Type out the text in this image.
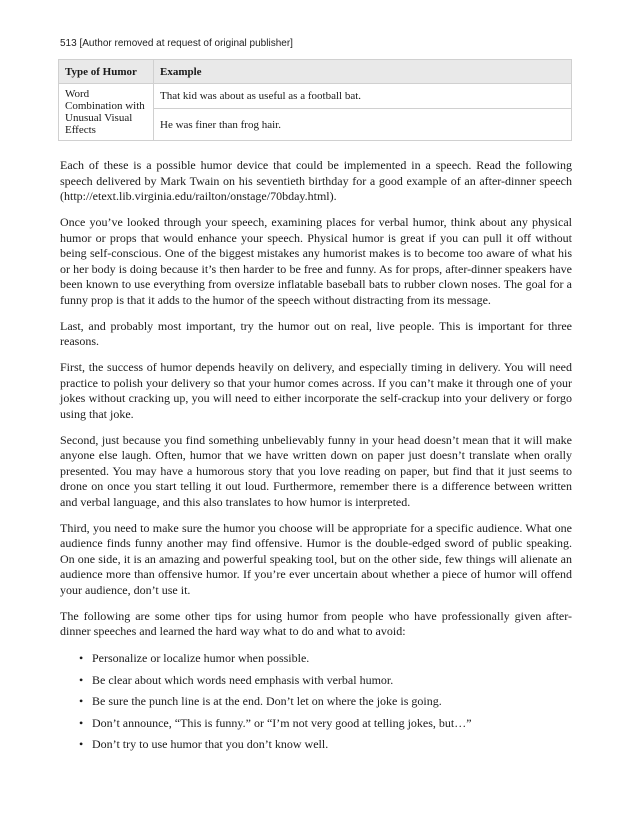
513 [Author removed at request of original publisher]
Type of Humor	Example
Word Combination with Unusual Visual Effects	That kid was about as useful as a football bat.
	He was finer than frog hair.

Each of these is a possible humor device that could be implemented in a speech. Read the following speech delivered by Mark Twain on his seventieth birthday for a good example of an after-dinner speech (http://etext.lib.virginia.edu/railton/onstage/70bday.html).

Once you’ve looked through your speech, examining places for verbal humor, think about any physical humor or props that would enhance your speech. Physical humor is great if you can pull it off without being self-conscious. One of the biggest mistakes any humorist makes is to become too aware of what his or her body is doing because it’s then harder to be free and funny. As for props, after-dinner speakers have been known to use everything from oversize inflatable baseball bats to rubber clown noses. The goal for a funny prop is that it adds to the humor of the speech without distracting from its message.

Last, and probably most important, try the humor out on real, live people. This is important for three reasons.

First, the success of humor depends heavily on delivery, and especially timing in delivery. You will need practice to polish your delivery so that your humor comes across. If you can’t make it through one of your jokes without cracking up, you will need to either incorporate the self-crackup into your delivery or forgo using that joke.

Second, just because you find something unbelievably funny in your head doesn’t mean that it will make anyone else laugh. Often, humor that we have written down on paper just doesn’t translate when orally presented. You may have a humorous story that you love reading on paper, but find that it just seems to drone on once you start telling it out loud. Furthermore, remember there is a difference between written and verbal language, and this also translates to how humor is interpreted.

Third, you need to make sure the humor you choose will be appropriate for a specific audience. What one audience finds funny another may find offensive. Humor is the double-edged sword of public speaking. On one side, it is an amazing and powerful speaking tool, but on the other side, few things will alienate an audience more than offensive humor. If you’re ever uncertain about whether a piece of humor will offend your audience, don’t use it.

The following are some other tips for using humor from people who have professionally given after-dinner speeches and learned the hard way what to do and what to avoid:

• Personalize or localize humor when possible.
• Be clear about which words need emphasis with verbal humor.
• Be sure the punch line is at the end. Don’t let on where the joke is going.
• Don’t announce, “This is funny.” or “I’m not very good at telling jokes, but…”
• Don’t try to use humor that you don’t know well.
